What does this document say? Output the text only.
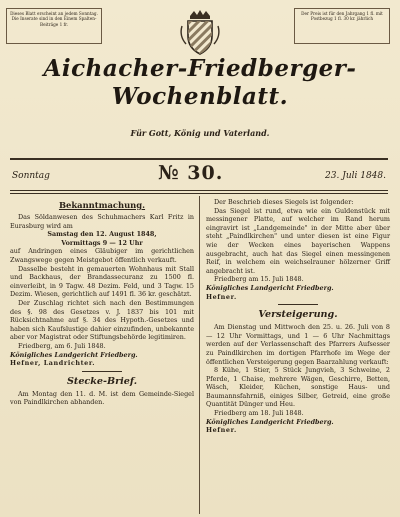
Dieses Blatt erscheint an jedem Sonntag. Die Inserate sind in den Einem Spalten-Beiträge 1 fr.
Der Preis ist für den Jahrgang 1 fl. mit Postbezug 1 fl. 30 kr. jährlich
Aichacher-Friedberger-
Wochenblatt.
Für Gott, König und Vaterland.
Sonntag	№ 30.	23. Juli 1848.
Bekanntmachung.

Das Söldanwesen des Schuhmachers Karl Fritz in Eurasburg wird am

Samstag den 12. August 1848,

Vormittags 9 — 12 Uhr

auf Andringen eines Gläubiger im gerichtlichen Zwangswege gegen Meistgebot öffentlich verkauft.

Dasselbe besteht in gemauerten Wohnhaus mit Stall und Backhaus, der Brandassecuranz zu 1500 fl. einverleibt, in 9 Tagw. 48 Dezim. Feld, und 3 Tagw. 15 Dezim. Wiesen, gerichtlich auf 1491 fl. 36 kr. geschätzt.

Der Zuschlag richtet sich nach den Bestimmungen des §. 98 des Gesetzes v. J. 1837 bis 101 mit Rücksichtnahme auf §. 34 des Hypoth.-Gesetzes und haben sich Kaufslustige dahier einzufinden, unbekannte aber vor Magistrat oder Stiftungsbehörde legitimiren.

Friedberg, am 6. Juli 1848.

Königliches Landgericht Friedberg.

Hefner, Landrichter.

Stecke-Brief.

Am Montag den 11. d. M. ist dem Gemeinde-Siegel von Paindlkirchen abhanden.

Der Beschrieb dieses Siegels ist folgender:

Das Siegel ist rund, etwa wie ein Guldenstück mit messingener Platte, auf welcher im Rand herum eingravirt ist „Landgemeinde" in der Mitte aber über steht „Paindlkirchen" und unter diesen ist eine Figur wie der Wecken eines bayerischen Wappens ausgebracht, auch hat das Siegel einen messingenen Reif, in welchem ein weichselrauner hölzerner Griff angebracht ist.

Friedberg am 15. Juli 1848.

Königliches Landgericht Friedberg.

Hefner.

Versteigerung.

Am Dienstag und Mittwoch den 25. u. 26. Juli von 8 — 12 Uhr Vormittags, und 1 — 6 Uhr Nachmittags werden auf der Verlassenschaft des Pfarrers Aufsesser zu Paindlkirchen im dortigen Pfarrhofe im Wege der öffentlichen Versteigerung gegen Baarzahlung verkauft:

8 Kühe, 1 Stier, 5 Stück Jungvieh, 3 Schweine, 2 Pferde, 1 Chaise, mehrere Wägen, Geschirre, Betten, Wäsch, Kleider, Küchen, sonstige Haus- und Baumannsfahrniß, einiges Silber, Getreid, eine große Quantität Dünger und Heu.

Friedberg am 18. Juli 1848.

Königliches Landgericht Friedberg.

Hefner.
